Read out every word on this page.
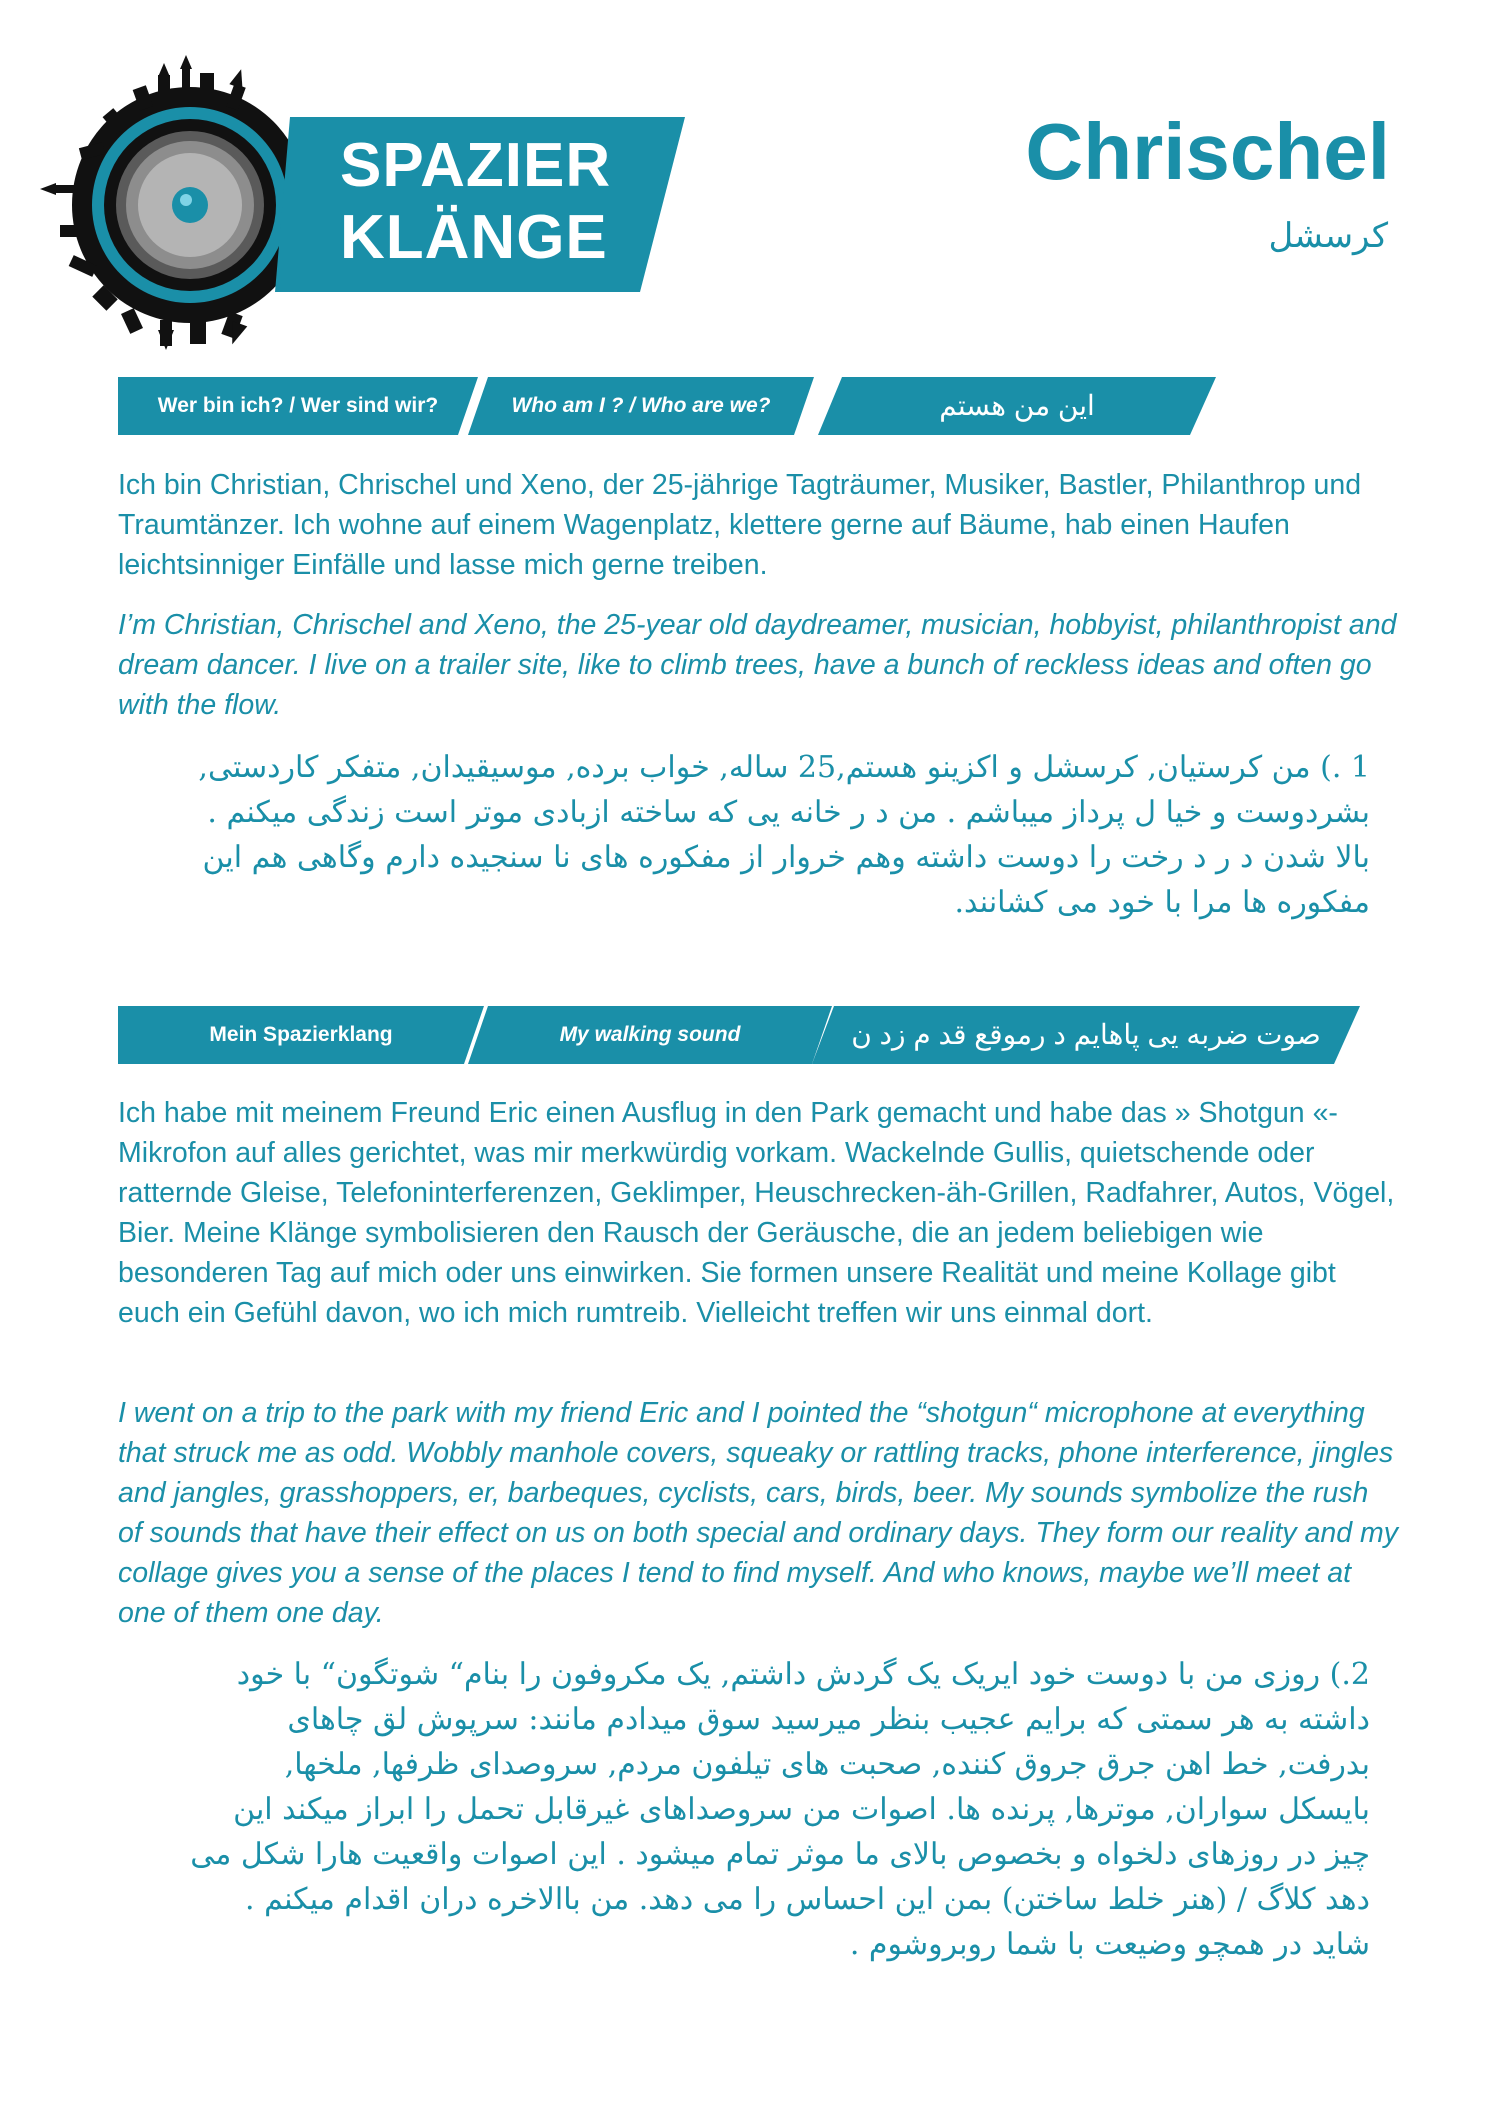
SPAZIER
KLÄNGE
Chrischel
کرسشل
Wer bin ich? / Wer sind wir?	Who am I ? / Who are we?	این من هستم
Ich bin Christian, Chrischel und Xeno, der 25-jährige Tagträumer, Musiker, Bastler, Philanthrop und Traumtänzer. Ich wohne auf einem Wagenplatz, klettere gerne auf Bäume, hab einen Haufen leichtsinniger Einfälle und lasse mich gerne treiben.
I’m Christian, Chrischel and Xeno, the 25-year old daydreamer, musician, hobbyist, philanthropist and dream dancer. I live on a trailer site, like to climb trees, have a bunch of reckless ideas and often go with the flow.
1 .) من کرستیان, کرسشل و اکزینو هستم,25 ساله, خواب برده, موسیقیدان, متفکر کاردستی, بشردوست و خیا ل پرداز میباشم . من د ر خانه یی که ساخته ازبادی موتر است زندگی میکنم . بالا شدن د ر د رخت را دوست داشته وهم خروار از مفکوره های نا سنجیده دارم وگاهی هم این مفکوره ها مرا با خود می کشانند.
Mein Spazierklang	My walking sound	صوت ضربه یی پاهایم د رموقع قد م زد ن
Ich habe mit meinem Freund Eric einen Ausflug in den Park gemacht und habe das » Shotgun «-Mikrofon auf alles gerichtet, was mir merkwürdig vorkam. Wackelnde Gullis, quietschende oder ratternde Gleise, Telefoninterferenzen, Geklimper, Heuschrecken-äh-Grillen, Radfahrer, Autos, Vögel, Bier. Meine Klänge symbolisieren den Rausch der Geräusche, die an jedem beliebigen wie besonderen Tag auf mich oder uns einwirken. Sie formen unsere Realität und meine Kollage gibt euch ein Gefühl davon, wo ich mich rumtreib. Vielleicht treffen wir uns einmal dort.
I went on a trip to the park with my friend Eric and I pointed the “shotgun“ microphone at everything that struck me as odd. Wobbly manhole covers, squeaky or rattling tracks, phone interference, jingles and jangles, grasshoppers, er, barbeques, cyclists, cars, birds, beer. My sounds symbolize the rush of sounds that have their effect on us on both special and ordinary days. They form our reality and my collage gives you a sense of the places I tend to find myself. And who knows, maybe we’ll meet at one of them one day.
2.) روزی من با دوست خود ایریک یک گردش داشتم, یک مکروفون را بنام“ شوتگون“ با خود داشته به هر سمتی که برایم عجیب بنظر میرسید سوق میدادم مانند: سرپوش لق چاهای بدرفت, خط اهن جرق جروق کننده, صحبت های تیلفون مردم, سروصدای ظرفها, ملخها, بایسکل سواران, موترها, پرنده ها. اصوات من سروصداهای غیرقابل تحمل را ابراز میکند این چیز در روزهای دلخواه و بخصوص بالای ما موثر تمام میشود . این اصوات واقعیت هارا شکل می دهد کلاگ / (هنر خلط ساختن) بمن این احساس را می دهد. من باالاخره دران اقدام میکنم . شاید در همچو وضیعت با شما روبروشوم .
